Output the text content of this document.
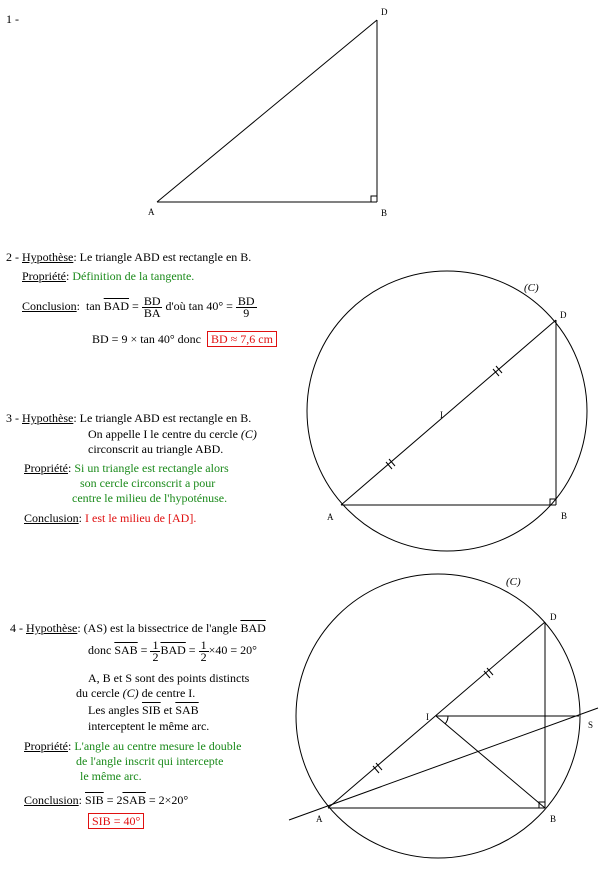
1 -
A	B
D
(C)
A	B
D
I
(C)
A	B
D
I
S
2 - Hypothèse: Le triangle ABD est rectangle en B.
Propriété: Définition de la tangente.
Conclusion:  $\tan \overline{BAD} = \frac{BD}{BA}$ d'où $\tan 40^\circ = \frac{BD}{9}$
BD = 9 × tan 40° donc BD ≈ 7,6 cm
3 - Hypothèse: Le triangle ABD est rectangle en B.
On appelle I le centre du cercle (C)
circonscrit au triangle ABD.
Propriété: Si un triangle est rectangle alors
son cercle circonscrit a pour
centre le milieu de l'hypoténuse.
Conclusion: I est le milieu de [AD].
4 - Hypothèse: (AS) est la bissectrice de l'angle $\overline{BAD}$
donc $\overline{SAB} = \frac{1}{2} \overline{BAD} = \frac{1}{2} \times 40 = 20^\circ$
A, B et S sont des points distincts
du cercle (C) de centre I.
Les angles $\overline{SIB}$ et $\overline{SAB}$
interceptent le même arc.
Propriété: L'angle au centre mesure le double
de l'angle inscrit qui intercepte
le même arc.
Conclusion: $\overline{SIB} = 2\overline{SAB} = 2\times 20^\circ$
$\overline{SIB} = 40^\circ$
